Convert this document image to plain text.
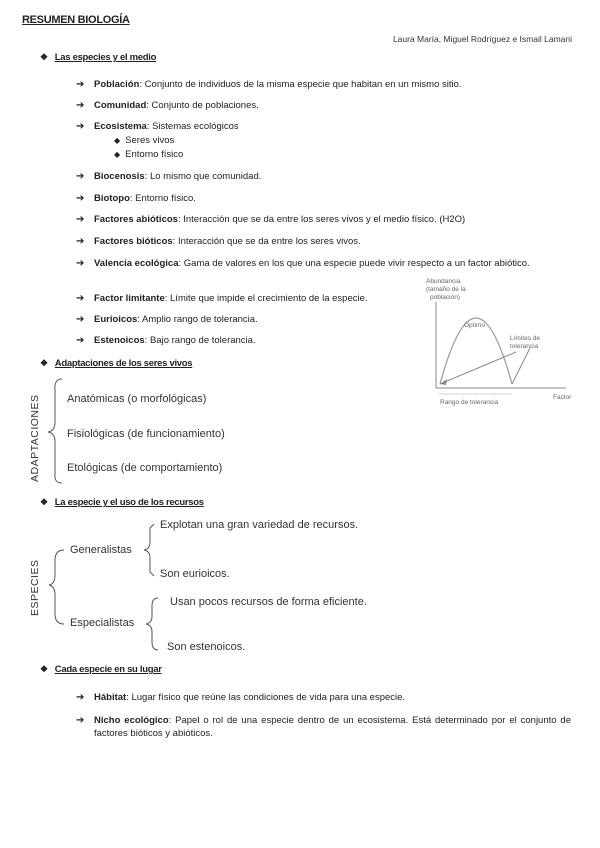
RESUMEN BIOLOGÍA
Laura María, Miguel Rodríguez e Ismail Lamani
❖ Las especies y el medio
➔ Población: Conjunto de individuos de la misma especie que habitan en un mismo sitio.
➔ Comunidad: Conjunto de poblaciones.
➔ Ecosistema: Sistemas ecológicos
◆ Seres vivos
◆ Entorno físico
➔ Biocenosis: Lo mismo que comunidad.
➔ Biotopo: Entorno físico.
➔ Factores abióticos: Interacción que se da entre los seres vivos y el medio físico. (H2O)
➔ Factores bióticos: Interacción que se da entre los seres vivos.
➔ Valencia ecológica: Gama de valores en los que una especie puede vivir respecto a un factor abiótico.
➔ Factor limitante: Límite que impide el crecimiento de la especie.
➔ Eurioicos: Amplio rango de tolerancia.
➔ Estenoicos: Bajo rango de tolerancia.
Abundancia
(tamaño de la
población)
Óptimo
Límites de
tolerancia
Factor
Rango de tolerancia
❖ Adaptaciones de los seres vivos
ADAPTACIONES Anatómicas (o morfológicas)
Fisiológicas (de funcionamiento)
Etológicas (de comportamiento)
❖ La especie y el uso de los recursos
ESPECIES
Generalistas
Explotan una gran variedad de recursos.
Son eurioicos.
Especialistas
Usan pocos recursos de forma eficiente.
Son estenoicos.
❖ Cada especie en su lugar
➔ Hábitat: Lugar físico que reúne las condiciones de vida para una especie.
➔ Nicho ecológico: Papel o rol de una especie dentro de un ecosistema. Está determinado por el conjunto de factores bióticos y abióticos.
